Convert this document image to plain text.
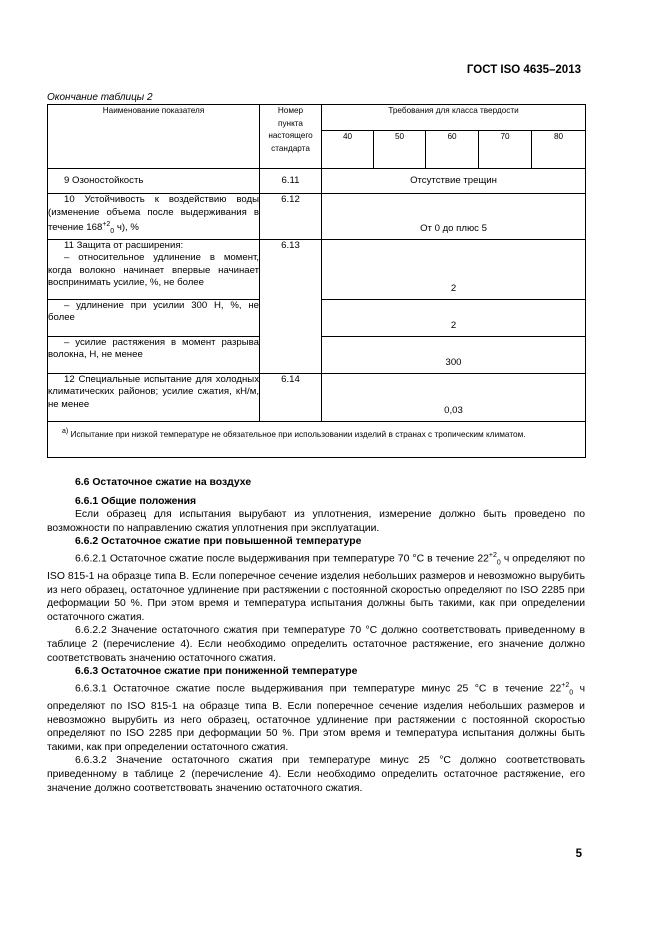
ГОСТ ISO 4635–2013
Окончание таблицы 2
Наименование показателя	Номер
пункта
настоящего
стандарта	Требования для класса твердости				
		40	50	60	70	80
9 Озоностойкость	6.11	Отсутствие трещин				
10 Устойчивость к воздействию воды (изменение объема после выдерживания в течение $168^{+2}_0$ ч), %	6.12	От 0 до плюс 5				

11 Защита от расширения:
– относительное удлинение в момент, когда волокно начинает впервые начинает воспринимать усилие, %, не более	6.13	2				
– удлинение при усилии 300 Н, %, не более		2				
– усилие растяжения в момент разрыва волокна, Н, не менее		300				
12 Специальные испытание для холодных климатических районов; усилие сжатия, кН/м, не менее	6.14	0,03				
$^{а)}$ Испытание при низкой температуре не обязательное при использовании изделий в странах с тропическим климатом.						

6.6 Остаточное сжатие на воздухе

6.6.1 Общие положения

Если образец для испытания вырубают из уплотнения, измерение должно быть проведено по возможности по направлению сжатия уплотнения при эксплуатации.

6.6.2 Остаточное сжатие при повышенной температуре

6.6.2.1 Остаточное сжатие после выдерживания при температуре 70 °С в течение $22^{+2}_0$ ч определяют по ISO 815-1 на образце типа В. Если поперечное сечение изделия небольших размеров и невозможно вырубить из него образец, остаточное удлинение при растяжении с постоянной скоростью определяют по ISO 2285 при деформации 50 %. При этом время и температура испытания должны быть такими, как при определении остаточного сжатия.

6.6.2.2 Значение остаточного сжатия при температуре 70 °С должно соответствовать приведенному в таблице 2 (перечисление 4). Если необходимо определить остаточное растяжение, его значение должно соответствовать значению остаточного сжатия.

6.6.3 Остаточное сжатие при пониженной температуре

6.6.3.1 Остаточное сжатие после выдерживания при температуре минус 25 °С в течение $22^{+2}_0$ ч определяют по ISO 815-1 на образце типа В. Если поперечное сечение изделия небольших размеров и невозможно вырубить из него образец, остаточное удлинение при растяжении с постоянной скоростью определяют по ISO 2285 при деформации 50 %. При этом время и температура испытания должны быть такими, как при определении остаточного сжатия.

6.6.3.2 Значение остаточного сжатия при температуре минус 25 °С должно соответствовать приведенному в таблице 2 (перечисление 4). Если необходимо определить остаточное растяжение, его значение должно соответствовать значению остаточного сжатия.

5
